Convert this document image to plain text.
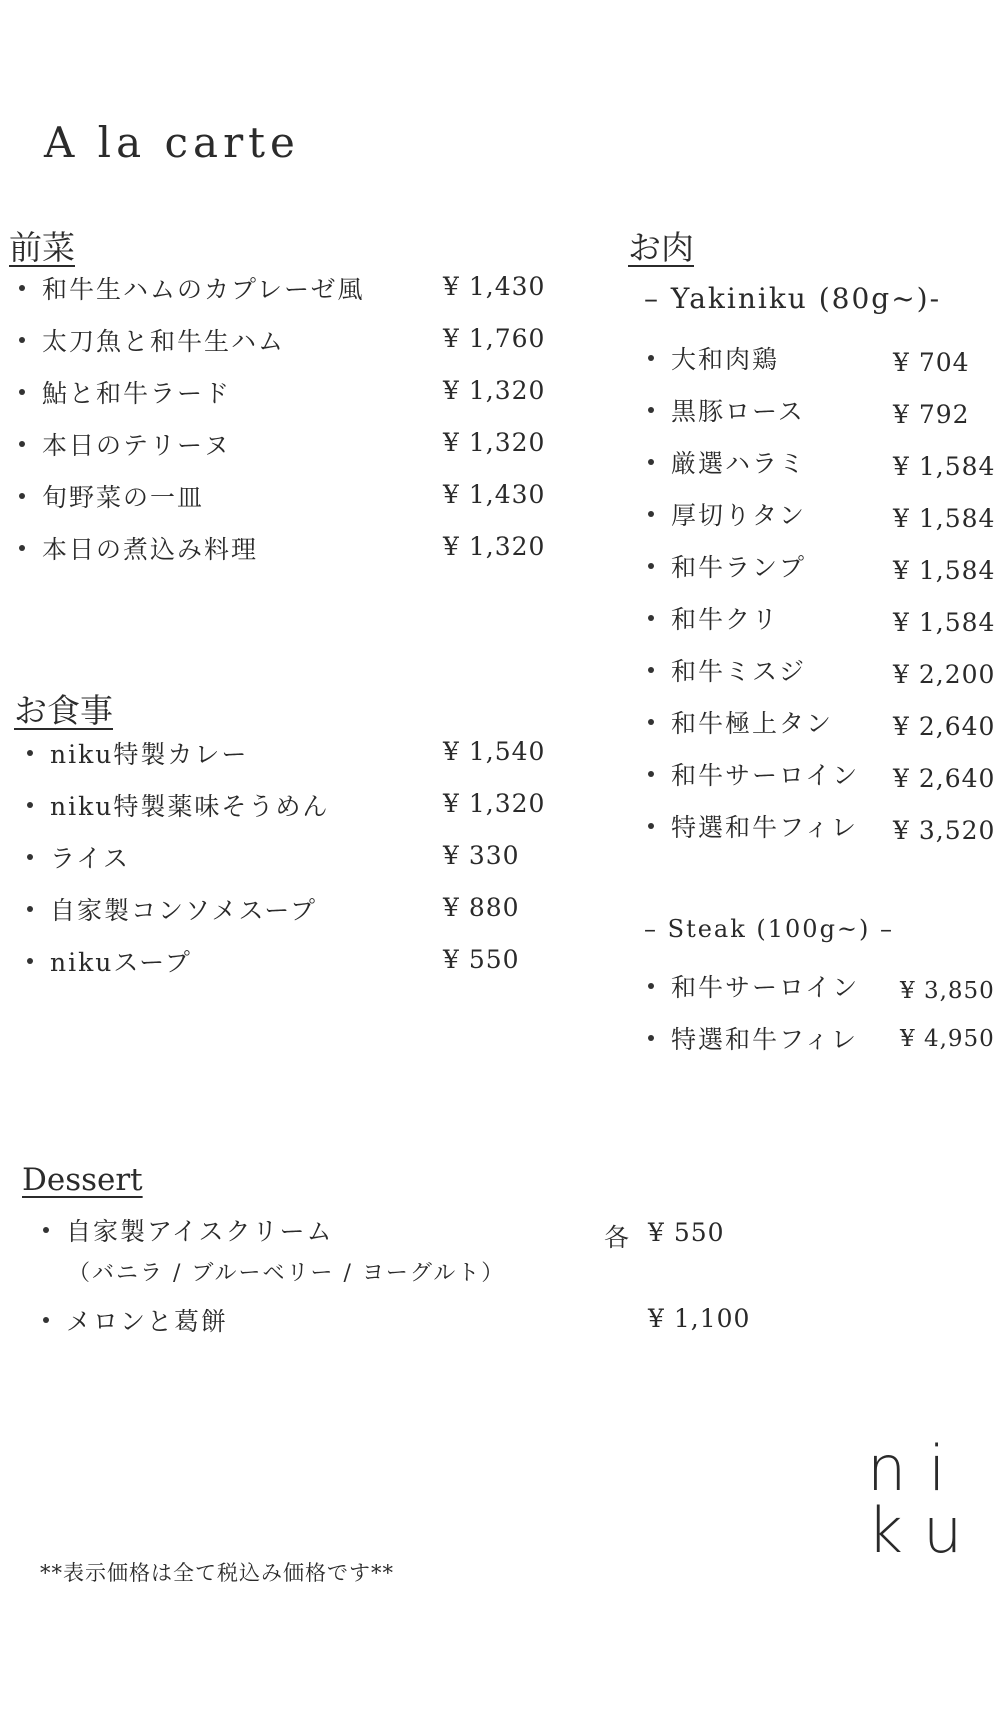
A la carte
前菜
和牛生ハムのカプレーゼ風	¥ 1,430
太刀魚と和牛生ハム	¥ 1,760
鮎と和牛ラード	¥ 1,320
本日のテリーヌ	¥ 1,320
旬野菜の一皿	¥ 1,430
本日の煮込み料理	¥ 1,320
お食事
niku特製カレー	¥ 1,540
niku特製薬味そうめん	¥ 1,320
ライス	¥ 330
自家製コンソメスープ	¥ 880
nikuスープ	¥ 550
お肉
– Yakiniku (80g~)-
大和肉鶏	¥ 704
黒豚ロース	¥ 792
厳選ハラミ	¥ 1,584
厚切りタン	¥ 1,584
和牛ランプ	¥ 1,584
和牛クリ	¥ 1,584
和牛ミスジ	¥ 2,200
和牛極上タン ¥ 2,640
和牛サーロイン ¥ 2,640
特選和牛フィレ ¥ 3,520
– Steak (100g~) –
和牛サーロイン ¥ 3,850
特選和牛フィレ ¥ 4,950
Dessert
自家製アイスクリーム
（バニラ / ブルーベリー / ヨーグルト）
各 ¥ 550
メロンと葛餅	¥ 1,100
ni
ku
**表示価格は全て税込み価格です**
